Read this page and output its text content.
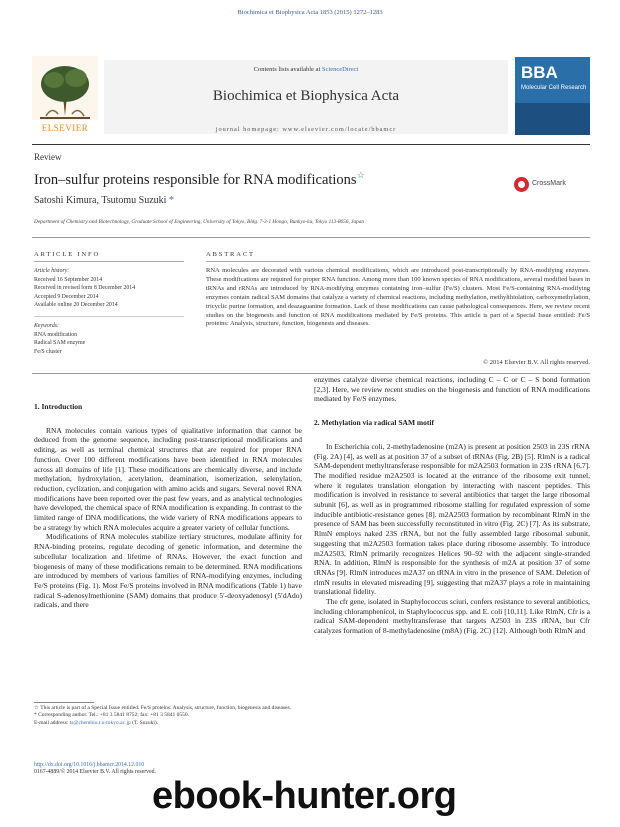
Biochimica et Biophysica Acta 1853 (2015) 1272–1283
ELSEVIER
Contents lists available at ScienceDirect
Biochimica et Biophysica Acta
journal homepage: www.elsevier.com/locate/bbamcr
BBA
Molecular Cell Research
Review
Iron–sulfur proteins responsible for RNA modifications☆
CrossMark
Satoshi Kimura, Tsutomu Suzuki *
Department of Chemistry and Biotechnology, Graduate School of Engineering, University of Tokyo, Bldg. 7-3-1 Hongo, Bunkyo-ku, Tokyo 113-8656, Japan
ARTICLE INFO	ABSTRACT
Article history:
Received 16 September 2014
Received in revised form 8 December 2014
Accepted 9 December 2014
Available online 20 December 2014
Keywords:
RNA modification
Radical SAM enzyme
Fe/S cluster
RNA molecules are decorated with various chemical modifications, which are introduced post-transcriptionally by RNA-modifying enzymes. These modifications are required for proper RNA function. Among more than 100 known species of RNA modifications, several modified bases in tRNAs and rRNAs are introduced by RNA-modifying enzymes containing iron–sulfur (Fe/S) clusters. Most Fe/S-containing RNA-modifying enzymes contain radical SAM domains that catalyze a variety of chemical reactions, including methylation, methylthiolation, carboxymethylation, tricyclic purine formation, and deazaguanine formation. Lack of these modifications can cause pathological consequences. Here, we review recent studies on the biogenesis and function of RNA modifications mediated by Fe/S proteins. This article is part of a Special Issue entitled: Fe/S proteins: Analysis, structure, function, biogenesis and diseases.
© 2014 Elsevier B.V. All rights reserved.

1. Introduction

RNA molecules contain various types of qualitative information that cannot be deduced from the genome sequence, including post-transcriptional modifications and editing, as well as terminal chemical structures that are required for proper RNA function. Over 100 different modifications have been identified in RNA molecules across all domains of life [1]. These modifications are chemically diverse, and include methylation, hydroxylation, acetylation, deamination, isomerization, selenylation, reduction, cyclization, and conjugation with amino acids and sugars. Several novel RNA modifications have been reported over the past few years, and as analytical technologies have developed, the chemical space of RNA modification is expanding. In contrast to the limited range of DNA modifications, the wide variety of RNA modifications appears to be a strategy by which RNA molecules acquire a greater variety of cellular functions.

Modifications of RNA molecules stabilize tertiary structures, modulate affinity for RNA-binding proteins, regulate decoding of genetic information, and determine the subcellular localization and lifetime of RNAs. However, the exact function and biogenesis of many of these modifications remain to be determined. RNA modifications are introduced by members of various families of RNA-modifying enzymes, including Fe/S proteins (Fig. 1). Most Fe/S proteins involved in RNA modifications (Table 1) have radical S-adenosylmethionine (SAM) domains that produce 5′-deoxyadenosyl (5′dAdo) radicals, and there

enzymes catalyze diverse chemical reactions, including C – C or C – S bond formation [2,3]. Here, we review recent studies on the biogenesis and function of RNA modifications mediated by Fe/S enzymes.

2. Methylation via radical SAM motif

In Escherichia coli, 2-methyladenosine (m2A) is present at position 2503 in 23S rRNA (Fig. 2A) [4], as well as at position 37 of a subset of tRNAs (Fig. 2B) [5]. RlmN is a radical SAM-dependent methyltransferase responsible for m2A2503 formation in 23S rRNA [6,7]. The modified residue m2A2503 is located at the entrance of the ribosome exit tunnel, where it regulates translation elongation by interacting with nascent peptides. This modification is involved in resistance to several antibiotics that target the large ribosomal subunit [6], as well as in programmed ribosome stalling for regulated expression of some inducible antibiotic-resistance genes [8]. m2A2503 formation by recombinant RlmN in the presence of SAM has been successfully reconstituted in vitro (Fig. 2C) [7]. As its substrate, RlmN employs naked 23S rRNA, but not the fully assembled large ribosomal subunit, suggesting that m2A2503 formation takes place during ribosome assembly. To introduce m2A2503, RlmN primarily recognizes Helices 90–92 with the adjacent single-stranded RNA. In addition, RlmN is responsible for the synthesis of m2A at position 37 of some tRNAs [9]. RlmN introduces m2A37 on tRNA in vitro in the presence of SAM. Deletion of rlmN results in elevated misreading [9], suggesting that m2A37 plays a role in maintaining translational fidelity.

The cfr gene, isolated in Staphylococcus sciuri, confers resistance to several antibiotics, including chloramphenicol, in Staphylococcus spp. and E. coli [10,11]. Like RlmN, Cfr is a radical SAM-dependent methyltransferase that targets A2503 in 23S rRNA, but Cfr catalyzes formation of 8-methyladenosine (m8A) (Fig. 2C) [12]. Although both RlmN and

☆ This article is part of a Special Issue entitled: Fe/S proteins: Analysis, structure, function, biogenesis and diseases.
* Corresponding author. Tel.: +81 3 5841 8752; fax: +81 3 5841 0550.
E-mail address: ts@chembio.t.u-tokyo.ac.jp (T. Suzuki).
http://dx.doi.org/10.1016/j.bbamcr.2014.12.010
0167-4889/© 2014 Elsevier B.V. All rights reserved.
ebook-hunter.org
